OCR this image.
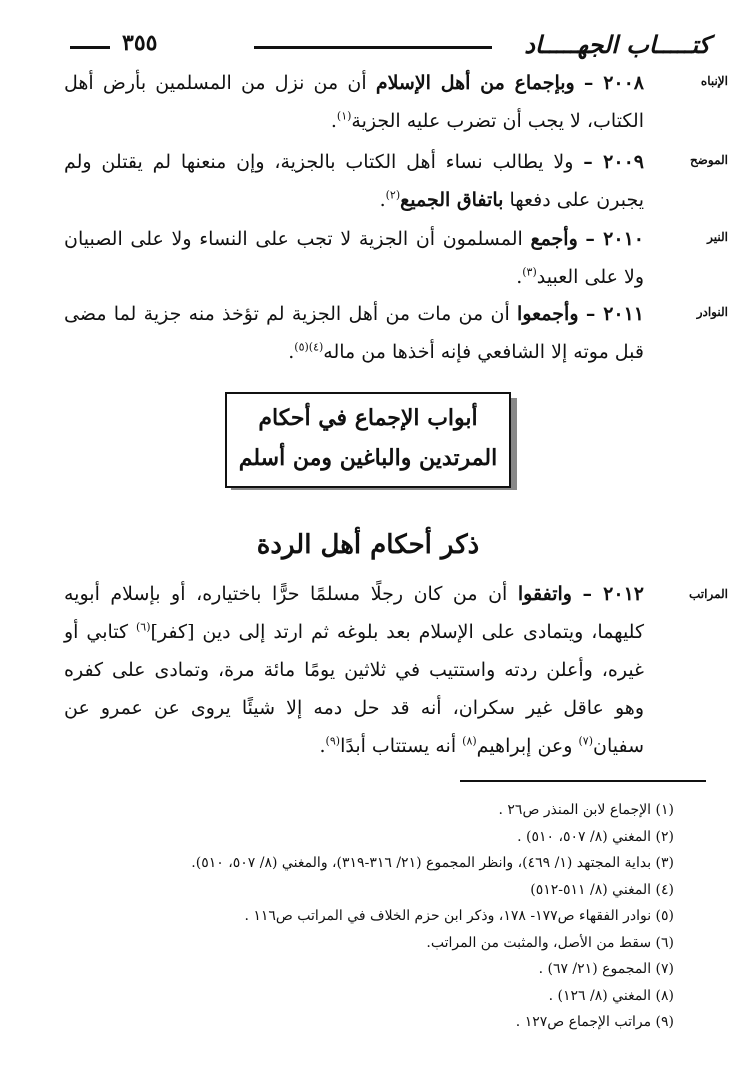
كتـــــاب الجهـــــاد
٣٥٥
الإنباه
٢٠٠٨ – وبإجماع من أهل الإسلام أن من نزل من المسلمين بأرض أهل الكتاب، لا يجب أن تضرب عليه الجزية$^{(١)}$.
الموضح
٢٠٠٩ – ولا يطالب نساء أهل الكتاب بالجزية، وإن منعنها لم يقتلن ولم يجبرن على دفعها باتفاق الجميع$^{(٢)}$.
النير
٢٠١٠ – وأجمع المسلمون أن الجزية لا تجب على النساء ولا على الصبيان ولا على العبيد$^{(٣)}$.
النوادر
٢٠١١ – وأجمعوا أن من مات من أهل الجزية لم تؤخذ منه جزية لما مضى قبل موته إلا الشافعي فإنه أخذها من ماله$^{(٤)(٥)}$.
أبواب الإجماع في أحكام
المرتدين والباغين ومن أسلم
ذكر أحكام أهل الردة
المراتب
٢٠١٢ – واتفقوا أن من كان رجلًا مسلمًا حرًّا باختياره، أو بإسلام أبويه كليهما، ويتمادى على الإسلام بعد بلوغه ثم ارتد إلى دين [كفر]$^{(٦)}$ كتابي أو غيره، وأعلن ردته واستتيب في ثلاثين يومًا مائة مرة، وتمادى على كفره وهو عاقل غير سكران، أنه قد حل دمه إلا شيئًا يروى عن عمرو عن سفيان$^{(٧)}$ وعن إبراهيم$^{(٨)}$ أنه يستتاب أبدًا$^{(٩)}$.
(١) الإجماع لابن المنذر ص٢٦ .
(٢) المغني (٨/ ٥٠٧، ٥١٠) .
(٣) بداية المجتهد (١/ ٤٦٩)، وانظر المجموع (٢١/ ٣١٦-٣١٩)، والمغني (٨/ ٥٠٧، ٥١٠).
(٤) المغني (٨/ ٥١١-٥١٢)
(٥) نوادر الفقهاء ص١٧٧- ١٧٨، وذكر ابن حزم الخلاف في المراتب ص١١٦ .
(٦) سقط من الأصل، والمثبت من المراتب.
(٧) المجموع (٢١/ ٦٧) .
(٨) المغني (٨/ ١٢٦) .
(٩) مراتب الإجماع ص١٢٧ .
